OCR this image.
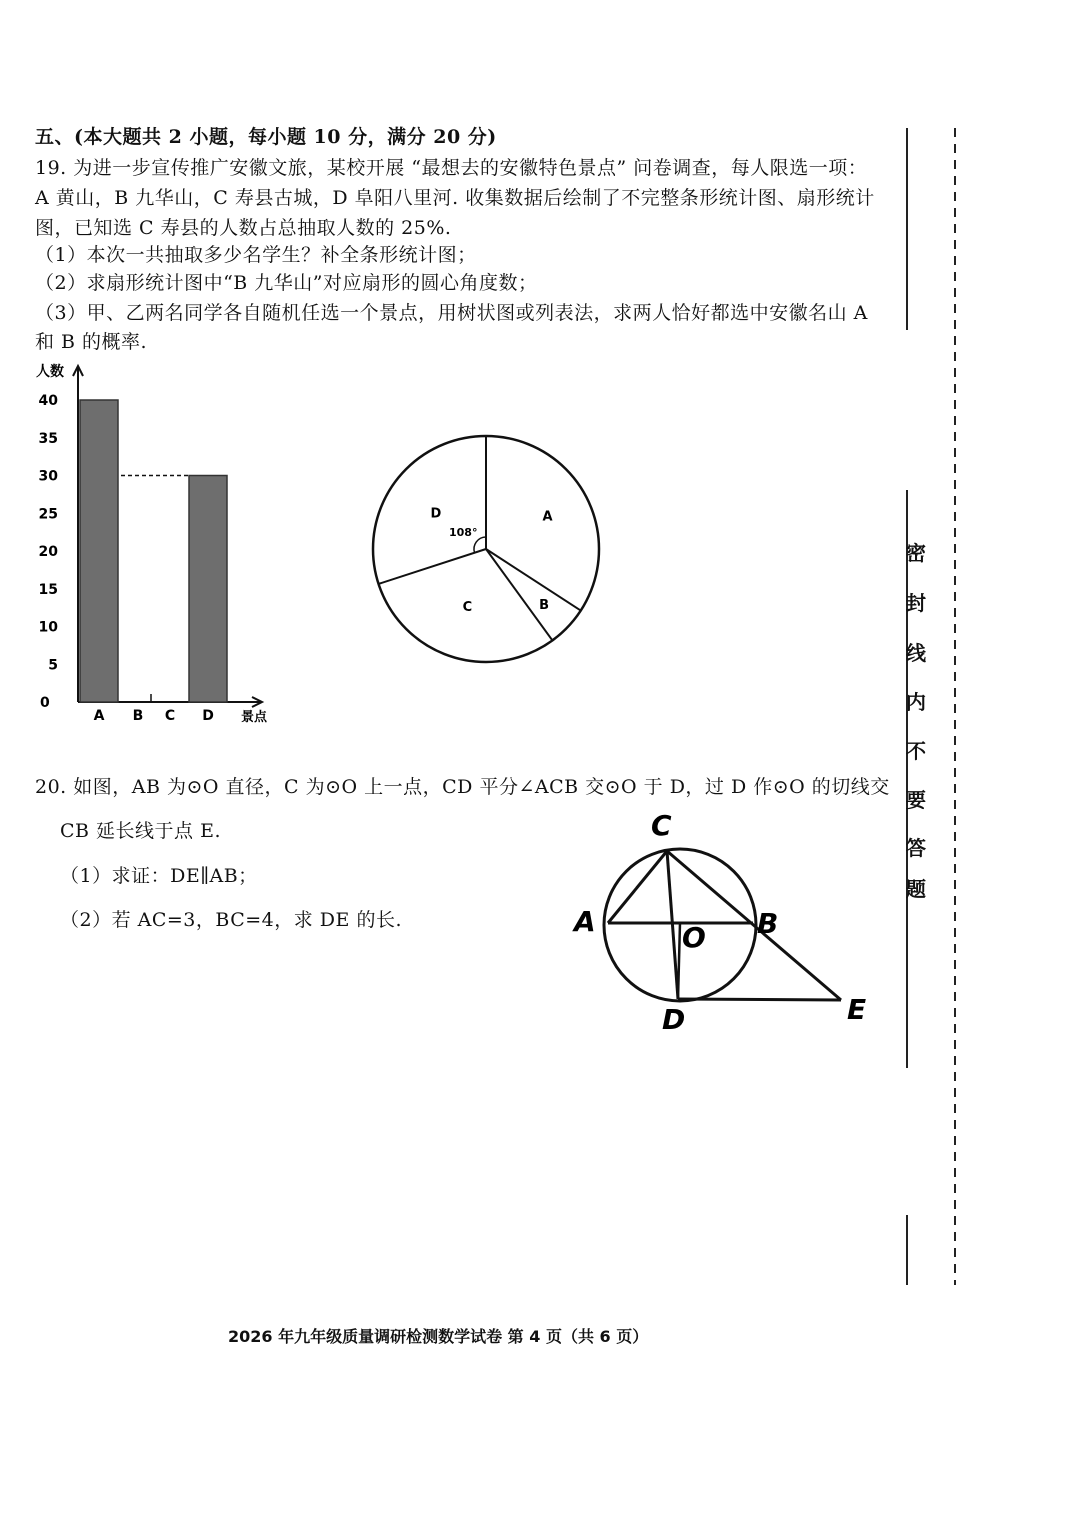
五、(本大题共 2 小题，每小题 10 分，满分 20 分)
19. 为进一步宣传推广安徽文旅，某校开展 “最想去的安徽特色景点” 问卷调查，每人限选一项：
A 黄山，B 九华山，C 寿县古城，D 阜阳八里河. 收集数据后绘制了不完整条形统计图、扇形统计
图，已知选 C 寿县的人数占总抽取人数的 25%.
（1）本次一共抽取多少名学生？补全条形统计图；
（2）求扇形统计图中“B 九华山”对应扇形的圆心角度数；
（3）甲、乙两名同学各自随机任选一个景点，用树状图或列表法，求两人恰好都选中安徽名山 A
和 B 的概率.
人数
0
5
10
15
20
25
30
35
40
A B C D 景点
A
B
C
D
108°
20. 如图，AB 为⊙O 直径，C 为⊙O 上一点，CD 平分∠ACB 交⊙O 于 D，过 D 作⊙O 的切线交
CB 延长线于点 E.
（1）求证：DE∥AB；
（2）若 AC=3，BC=4，求 DE 的长.
C
A	B
O
D	E
密
封
线
内
不
要
答
题
2026 年九年级质量调研检测数学试卷 第 4 页（共 6 页）
